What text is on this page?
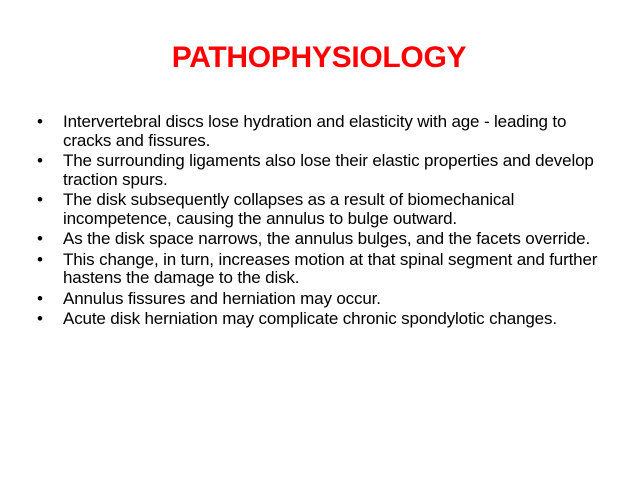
PATHOPHYSIOLOGY
•	Intervertebral discs lose hydration and elasticity with age - leading to cracks and fissures.
•	The surrounding ligaments also lose their elastic properties and develop traction spurs.
•	The disk subsequently collapses as a result of biomechanical incompetence, causing the annulus to bulge outward.
•	As the disk space narrows, the annulus bulges, and the facets override.
•	This change, in turn, increases motion at that spinal segment and further hastens the damage to the disk.
•	Annulus fissures and herniation may occur.
•	Acute disk herniation may complicate chronic spondylotic changes.
